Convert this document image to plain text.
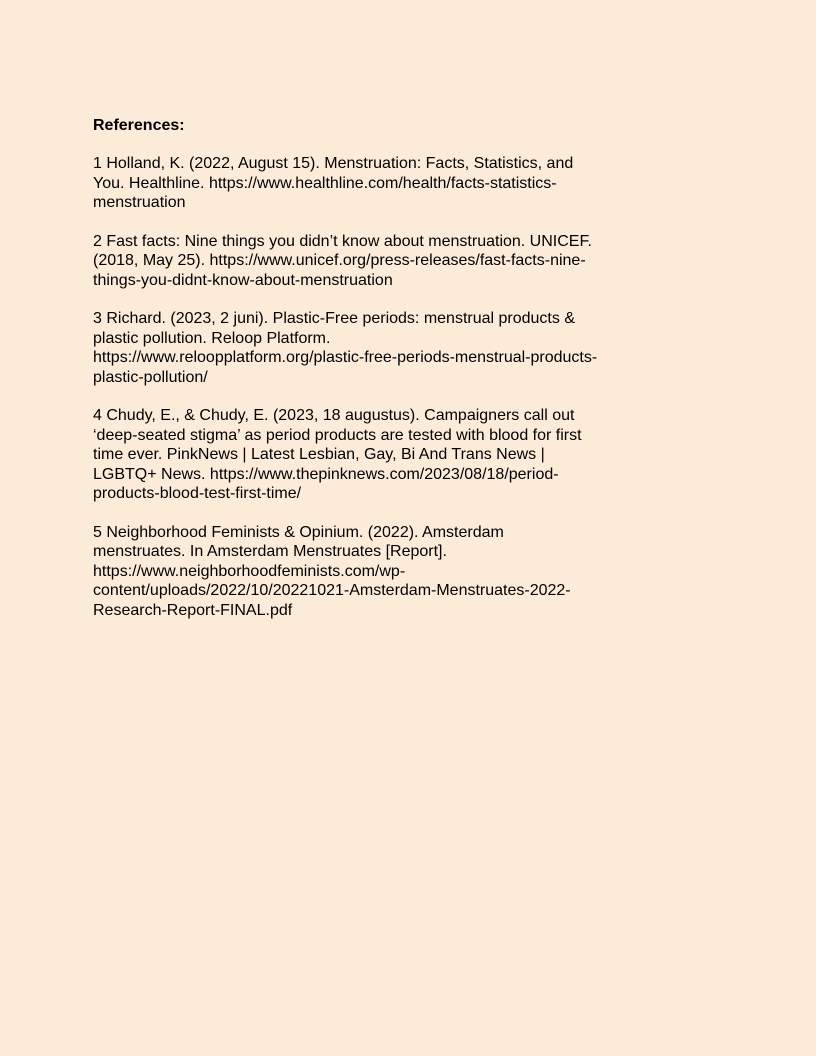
References:
1 Holland, K. (2022, August 15). Menstruation: Facts, Statistics, and
You. Healthline. https://www.healthline.com/health/facts-statistics-
menstruation
2 Fast facts: Nine things you didn’t know about menstruation. UNICEF.
(2018, May 25). https://www.unicef.org/press-releases/fast-facts-nine-
things-you-didnt-know-about-menstruation
3 Richard. (2023, 2 juni). Plastic-Free periods: menstrual products &
plastic pollution. Reloop Platform.
https://www.reloopplatform.org/plastic-free-periods-menstrual-products-
plastic-pollution/
4 Chudy, E., & Chudy, E. (2023, 18 augustus). Campaigners call out
‘deep-seated stigma’ as period products are tested with blood for first
time ever. PinkNews | Latest Lesbian, Gay, Bi And Trans News |
LGBTQ+ News. https://www.thepinknews.com/2023/08/18/period-
products-blood-test-first-time/
5 Neighborhood Feminists & Opinium. (2022). Amsterdam
menstruates. In Amsterdam Menstruates [Report].
https://www.neighborhoodfeminists.com/wp-
content/uploads/2022/10/20221021-Amsterdam-Menstruates-2022-
Research-Report-FINAL.pdf
